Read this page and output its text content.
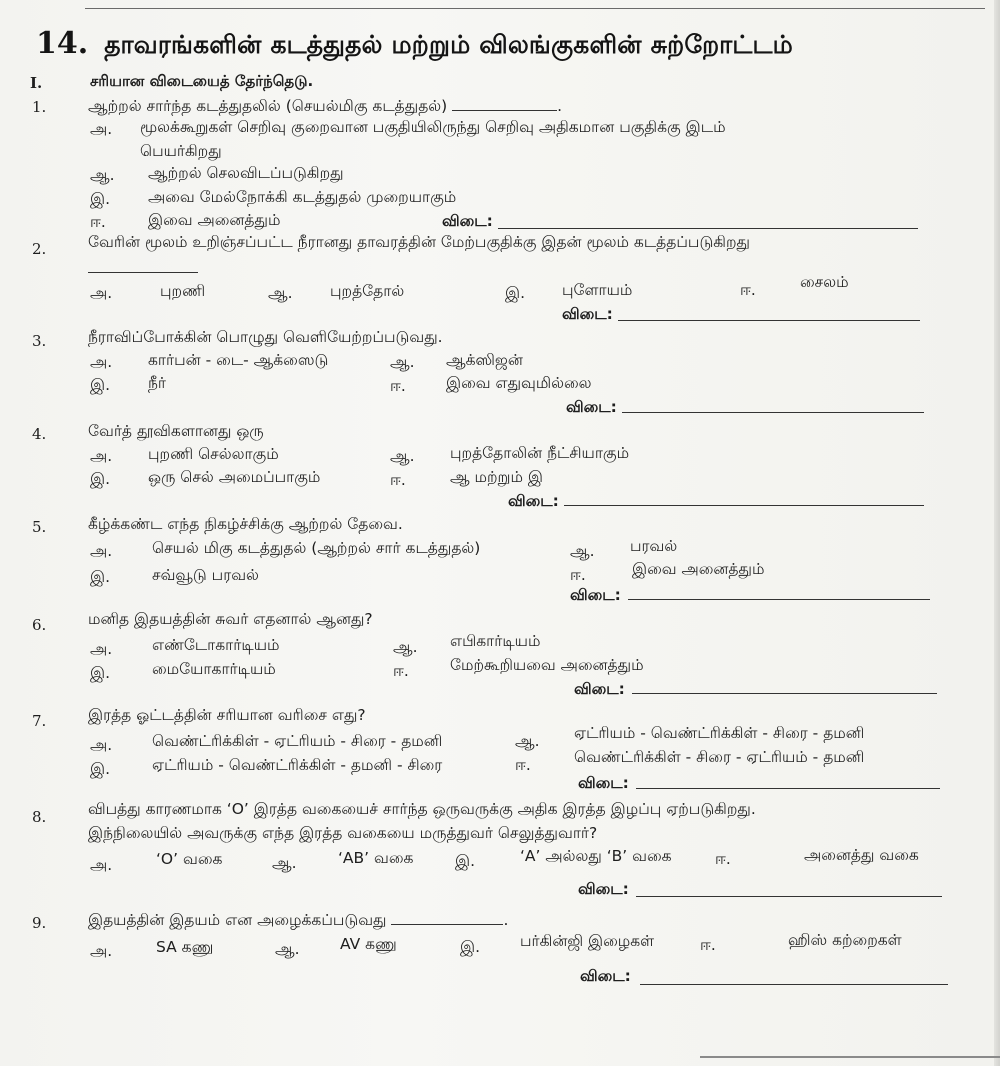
14. தாவரங்களின் கடத்துதல் மற்றும் விலங்குகளின் சுற்றோட்டம்
I.	சரியான விடையைத் தேர்ந்தெடு.
1.	ஆற்றல் சார்ந்த கடத்துதலில் (செயல்மிகு கடத்துதல்)	.
அ. மூலக்கூறுகள் செறிவு குறைவான பகுதியிலிருந்து செறிவு அதிகமான பகுதிக்கு இடம்
பெயர்கிறது
ஆ. ஆற்றல் செலவிடப்படுகிறது
இ. அவை மேல்நோக்கி கடத்துதல் முறையாகும்
ஈ.	இவை அனைத்தும்	விடை:
2.	வேரின் மூலம் உறிஞ்சப்பட்ட நீரானது தாவரத்தின் மேற்பகுதிக்கு இதன் மூலம் கடத்தப்படுகிறது
அ.	புறணி	ஆ. புறத்தோல்	இ. புளோயம்	ஈ.	சைலம்
விடை:
3.	நீராவிப்போக்கின் பொழுது வெளியேற்றப்படுவது.
அ. கார்பன் - டை- ஆக்ஸைடு	ஆ. ஆக்ஸிஜன்
இ. நீர்	ஈ.	இவை எதுவுமில்லை
விடை:
4.	வேர்த் தூவிகளானது ஒரு
அ. புறணி செல்லாகும்	ஆ. புறத்தோலின் நீட்சியாகும்
இ. ஒரு செல் அமைப்பாகும்	ஈ.	ஆ மற்றும் இ
விடை:
5.	கீழ்க்கண்ட எந்த நிகழ்ச்சிக்கு ஆற்றல் தேவை.
அ.	செயல் மிகு கடத்துதல் (ஆற்றல் சார் கடத்துதல்)	ஆ. பரவல்
இ.	சவ்வூடு பரவல்	ஈ.	இவை அனைத்தும்
விடை:
6.	மனித இதயத்தின் சுவர் எதனால் ஆனது?
அ.	எண்டோகார்டியம்	ஆ. எபிகார்டியம்
இ.	மையோகார்டியம்	ஈ.	மேற்கூறியவை அனைத்தும்
விடை:
7.	இரத்த ஓட்டத்தின் சரியான வரிசை எது?
அ.	வெண்ட்ரிக்கிள் - ஏட்ரியம் - சிரை - தமனி	ஆ. ஏட்ரியம் - வெண்ட்ரிக்கிள் - சிரை - தமனி
இ.	ஏட்ரியம் - வெண்ட்ரிக்கிள் - தமனி - சிரை	ஈ.	வெண்ட்ரிக்கிள் - சிரை - ஏட்ரியம் - தமனி
விடை:
8.	விபத்து காரணமாக ‘O’ இரத்த வகையைச் சார்ந்த ஒருவருக்கு அதிக இரத்த இழப்பு ஏற்படுகிறது.
இந்நிலையில் அவருக்கு எந்த இரத்த வகையை மருத்துவர் செலுத்துவார்?
அ.	‘O’ வகை	ஆ.	‘AB’ வகை	இ.	‘A’ அல்லது ‘B’ வகை	ஈ.	அனைத்து வகை
விடை:
9.	இதயத்தின் இதயம் என அழைக்கப்படுவது	.
அ.	SA கணு	ஆ.	AV கணு	இ.	பர்கின்ஜி இழைகள்	ஈ.	ஹிஸ் கற்றைகள்
விடை:
